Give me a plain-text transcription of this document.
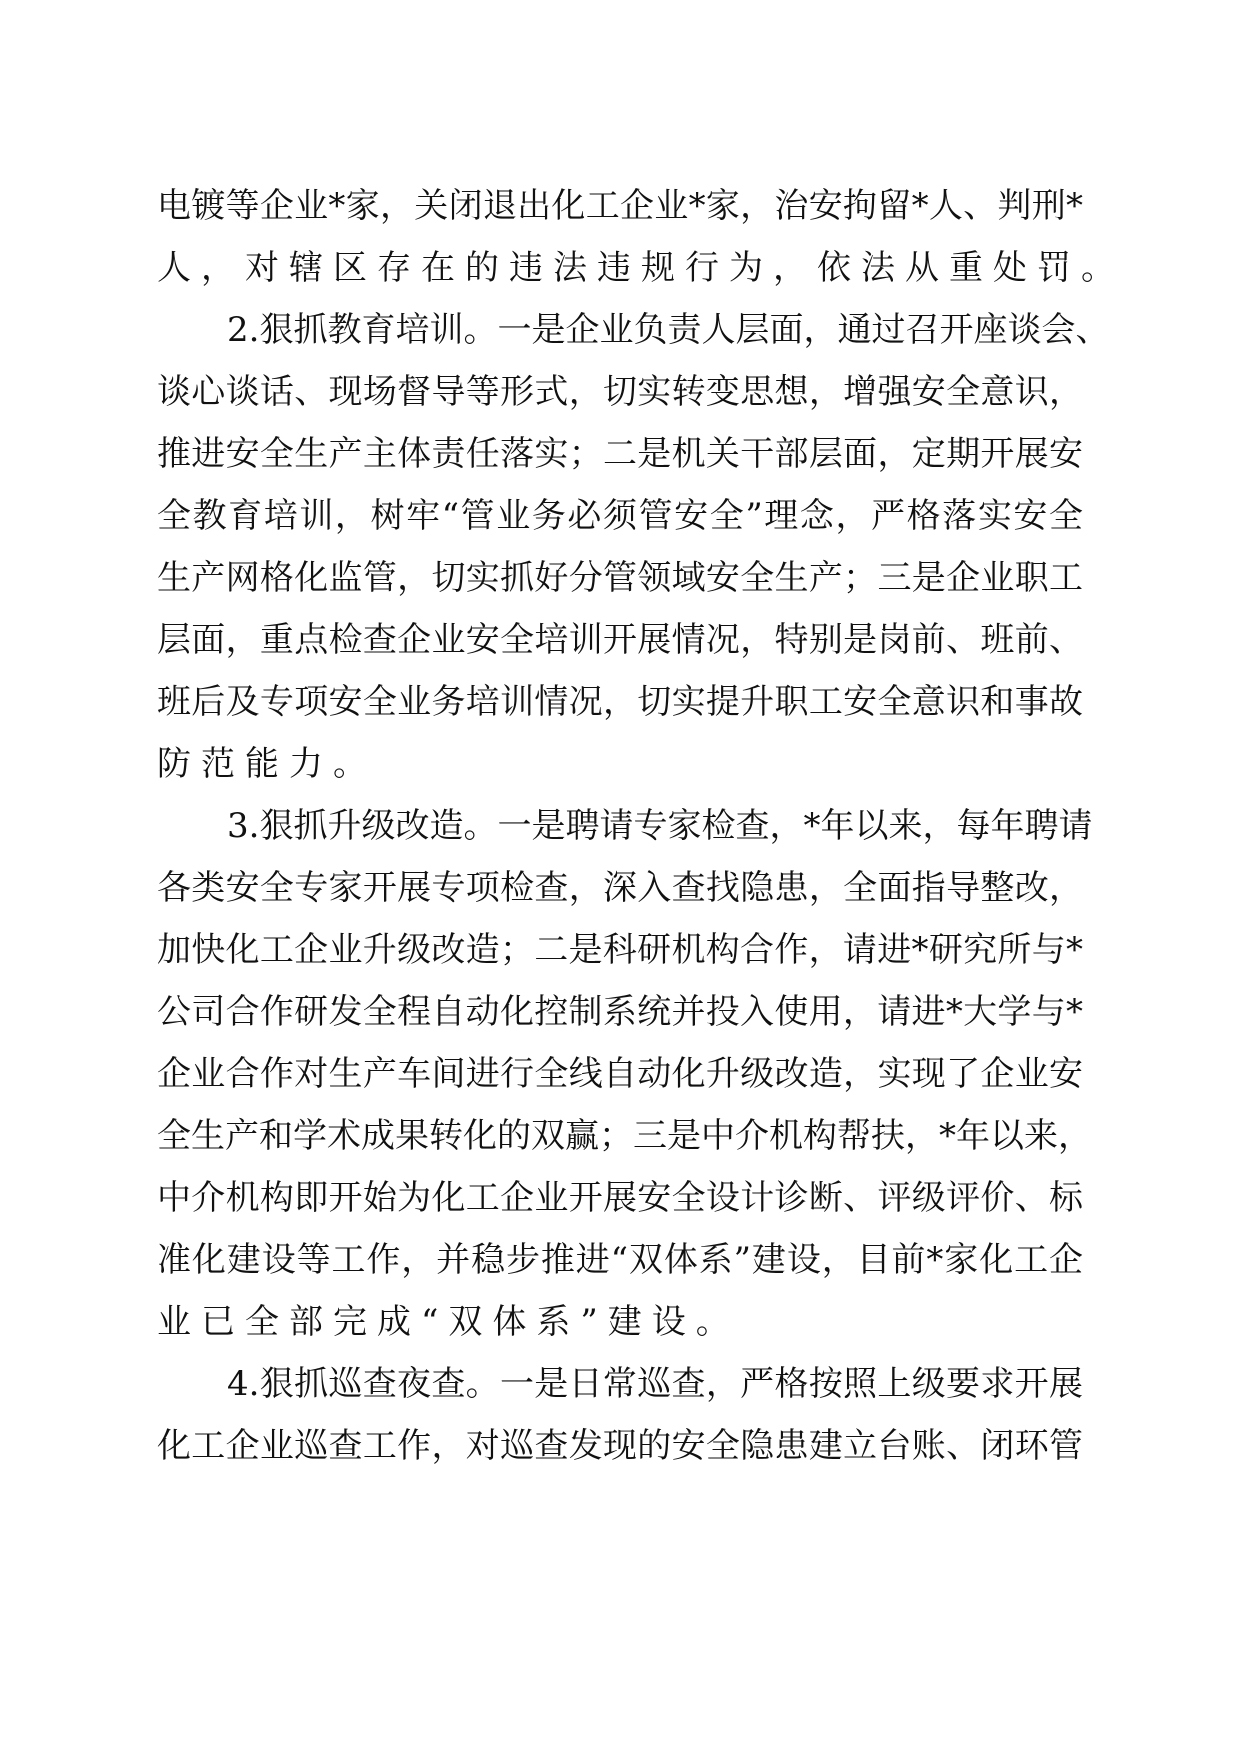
电镀等企业*家，关闭退出化工企业*家，治安拘留*人、判刑*
人，对辖区存在的违法违规行为，依法从重处罚。
2.狠抓教育培训。一是企业负责人层面，通过召开座谈会、
谈心谈话、现场督导等形式，切实转变思想，增强安全意识，
推进安全生产主体责任落实；二是机关干部层面，定期开展安
全教育培训，树牢“管业务必须管安全”理念，严格落实安全
生产网格化监管，切实抓好分管领域安全生产；三是企业职工
层面，重点检查企业安全培训开展情况，特别是岗前、班前、
班后及专项安全业务培训情况，切实提升职工安全意识和事故
防范能力。
3.狠抓升级改造。一是聘请专家检查，*年以来，每年聘请
各类安全专家开展专项检查，深入查找隐患，全面指导整改，
加快化工企业升级改造；二是科研机构合作，请进*研究所与*
公司合作研发全程自动化控制系统并投入使用，请进*大学与*
企业合作对生产车间进行全线自动化升级改造，实现了企业安
全生产和学术成果转化的双赢；三是中介机构帮扶，*年以来，
中介机构即开始为化工企业开展安全设计诊断、评级评价、标
准化建设等工作，并稳步推进“双体系”建设，目前*家化工企
业已全部完成“双体系”建设。
4.狠抓巡查夜查。一是日常巡查，严格按照上级要求开展
化工企业巡查工作，对巡查发现的安全隐患建立台账、闭环管
